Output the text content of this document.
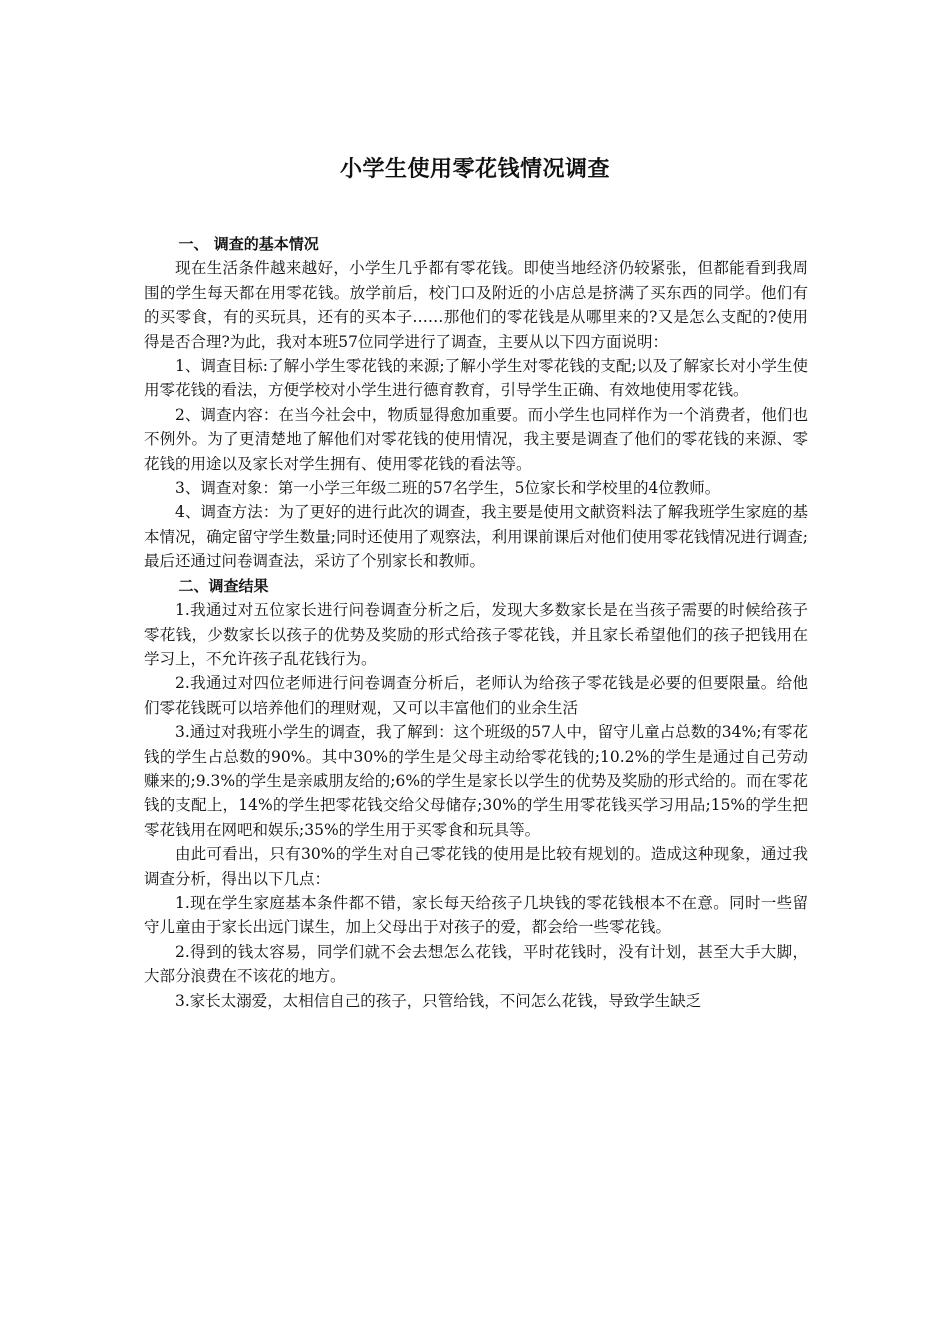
小学生使用零花钱情况调查

一、 调查的基本情况

现在生活条件越来越好，小学生几乎都有零花钱。即使当地经济仍较紧张，但都能看到我周围的学生每天都在用零花钱。放学前后，校门口及附近的小店总是挤满了买东西的同学。他们有的买零食，有的买玩具，还有的买本子……那他们的零花钱是从哪里来的?又是怎么支配的?使用得是否合理?为此，我对本班57位同学进行了调查，主要从以下四方面说明：

1、调查目标:了解小学生零花钱的来源;了解小学生对零花钱的支配;以及了解家长对小学生使用零花钱的看法，方便学校对小学生进行德育教育，引导学生正确、有效地使用零花钱。

2、调查内容：在当今社会中，物质显得愈加重要。而小学生也同样作为一个消费者，他们也不例外。为了更清楚地了解他们对零花钱的使用情况，我主要是调查了他们的零花钱的来源、零花钱的用途以及家长对学生拥有、使用零花钱的看法等。

3、调查对象：第一小学三年级二班的57名学生，5位家长和学校里的4位教师。

4、调查方法：为了更好的进行此次的调查，我主要是使用文献资料法了解我班学生家庭的基本情况，确定留守学生数量;同时还使用了观察法，利用课前课后对他们使用零花钱情况进行调查;最后还通过问卷调查法，采访了个别家长和教师。

二、调查结果

1.我通过对五位家长进行问卷调查分析之后，发现大多数家长是在当孩子需要的时候给孩子零花钱，少数家长以孩子的优势及奖励的形式给孩子零花钱，并且家长希望他们的孩子把钱用在学习上，不允许孩子乱花钱行为。

2.我通过对四位老师进行问卷调查分析后，老师认为给孩子零花钱是必要的但要限量。给他们零花钱既可以培养他们的理财观，又可以丰富他们的业余生活

3.通过对我班小学生的调查，我了解到：这个班级的57人中，留守儿童占总数的34%;有零花钱的学生占总数的90%。其中30%的学生是父母主动给零花钱的;10.2%的学生是通过自己劳动赚来的;9.3%的学生是亲戚朋友给的;6%的学生是家长以学生的优势及奖励的形式给的。而在零花钱的支配上，14%的学生把零花钱交给父母储存;30%的学生用零花钱买学习用品;15%的学生把零花钱用在网吧和娱乐;35%的学生用于买零食和玩具等。

由此可看出，只有30%的学生对自己零花钱的使用是比较有规划的。造成这种现象，通过我调查分析，得出以下几点：

1.现在学生家庭基本条件都不错，家长每天给孩子几块钱的零花钱根本不在意。同时一些留守儿童由于家长出远门谋生，加上父母出于对孩子的爱，都会给一些零花钱。

2.得到的钱太容易，同学们就不会去想怎么花钱，平时花钱时，没有计划，甚至大手大脚，大部分浪费在不该花的地方。

3.家长太溺爱，太相信自己的孩子，只管给钱，不问怎么花钱，导致学生缺乏
